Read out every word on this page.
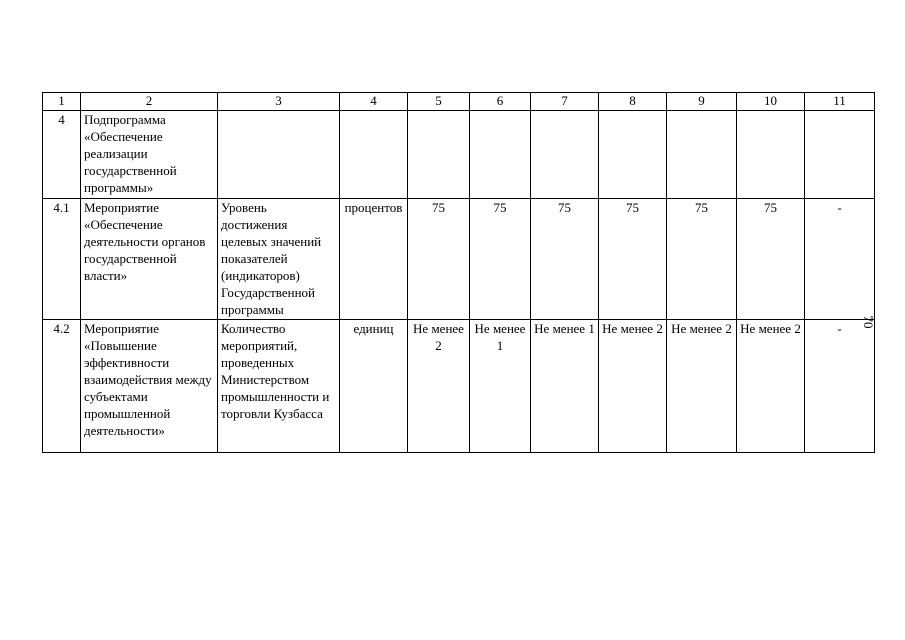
1	2	3	4	5	6	7	8	9	10	11
4	Подпрограмма «Обеспечение реализации государственной программы»									
4.1	Мероприятие «Обеспечение деятельности органов государственной власти»	Уровень достижения целевых значений показателей (индикаторов) Государственной программы	процентов	75	75	75	75	75	75	-
4.2	Мероприятие «Повышение эффективности взаимодействия между субъектами промышленной деятельности»	Количество мероприятий, проведенных Министерством промышленности и торговли Кузбасса	единиц	Не менее 2	Не менее 1	Не менее 1	Не менее 2	Не менее 2	Не менее 2	- 70
